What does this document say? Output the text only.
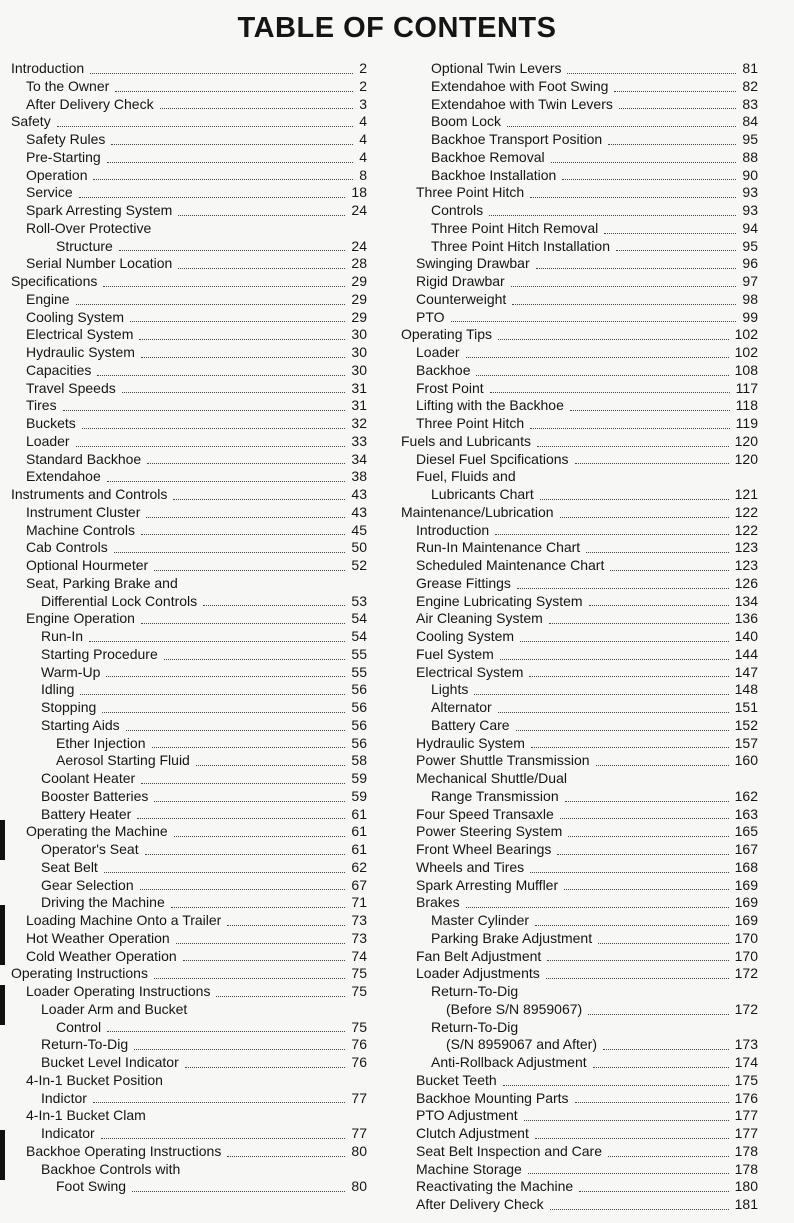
TABLE OF CONTENTS
Introduction	2
To the Owner	2
After Delivery Check	3
Safety	4
Safety Rules	4
Pre-Starting	4
Operation	8
Service	18
Spark Arresting System	24
Roll-Over Protective
Structure	24
Serial Number Location	28
Specifications	29
Engine	29
Cooling System	29
Electrical System	30
Hydraulic System	30
Capacities	30
Travel Speeds	31
Tires	31
Buckets	32
Loader	33
Standard Backhoe	34
Extendahoe	38
Instruments and Controls	43
Instrument Cluster	43
Machine Controls	45
Cab Controls	50
Optional Hourmeter	52
Seat, Parking Brake and
Differential Lock Controls	53
Engine Operation	54
Run-In	54
Starting Procedure	55
Warm-Up	55
Idling	56
Stopping	56
Starting Aids	56
Ether Injection	56
Aerosol Starting Fluid	58
Coolant Heater	59
Booster Batteries	59
Battery Heater	61
Operating the Machine	61
Operator's Seat	61
Seat Belt	62
Gear Selection	67
Driving the Machine	71
Loading Machine Onto a Trailer	73
Hot Weather Operation	73
Cold Weather Operation	74
Operating Instructions	75
Loader Operating Instructions	75
Loader Arm and Bucket
Control	75
Return-To-Dig	76
Bucket Level Indicator	76
4-In-1 Bucket Position
Indictor	77
4-In-1 Bucket Clam
Indicator	77
Backhoe Operating Instructions	80
Backhoe Controls with
Foot Swing	80
Optional Twin Levers	81
Extendahoe with Foot Swing	82
Extendahoe with Twin Levers	83
Boom Lock	84
Backhoe Transport Position	95
Backhoe Removal	88
Backhoe Installation	90
Three Point Hitch	93
Controls	93
Three Point Hitch Removal	94
Three Point Hitch Installation	95
Swinging Drawbar	96
Rigid Drawbar	97
Counterweight	98
PTO	99
Operating Tips	102
Loader	102
Backhoe	108
Frost Point	117
Lifting with the Backhoe	118
Three Point Hitch	119
Fuels and Lubricants	120
Diesel Fuel Spcifications	120
Fuel, Fluids and
Lubricants Chart	121
Maintenance/Lubrication	122
Introduction	122
Run-In Maintenance Chart	123
Scheduled Maintenance Chart	123
Grease Fittings	126
Engine Lubricating System	134
Air Cleaning System	136
Cooling System	140
Fuel System	144
Electrical System	147
Lights	148
Alternator	151
Battery Care	152
Hydraulic System	157
Power Shuttle Transmission	160
Mechanical Shuttle/Dual
Range Transmission	162
Four Speed Transaxle	163
Power Steering System	165
Front Wheel Bearings	167
Wheels and Tires	168
Spark Arresting Muffler	169
Brakes	169
Master Cylinder	169
Parking Brake Adjustment	170
Fan Belt Adjustment	170
Loader Adjustments	172
Return-To-Dig
(Before S/N 8959067)	172
Return-To-Dig
(S/N 8959067 and After)	173
Anti-Rollback Adjustment	174
Bucket Teeth	175
Backhoe Mounting Parts	176
PTO Adjustment	177
Clutch Adjustment	177
Seat Belt Inspection and Care	178
Machine Storage	178
Reactivating the Machine	180
After Delivery Check	181
